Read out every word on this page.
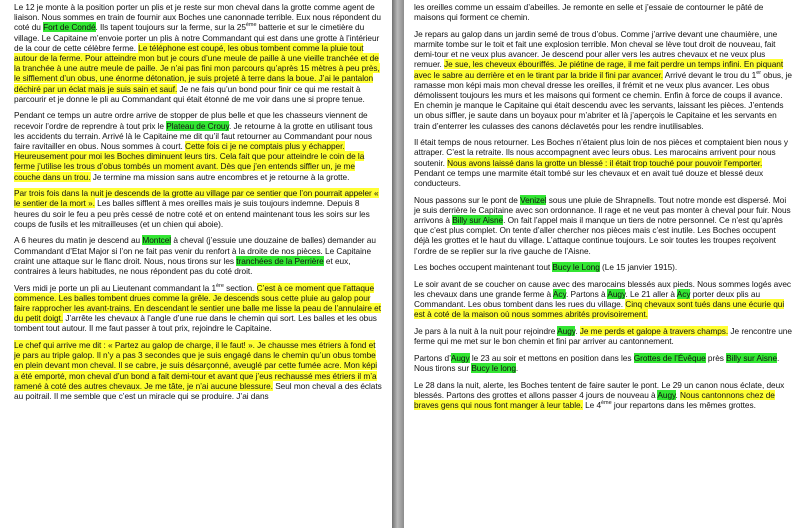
Le 12 je monte à la position porter un plis et je reste sur mon cheval dans la grotte comme agent de liaison. Nous sommes en train de fournir aux Boches une canonnade terrible. Eux nous répondent du coté du Fort de Condé. Ils tapent toujours sur la ferme, sur la 25ème batterie et sur le cimetière du village. Le Capitaine m’envoie porter un plis à notre Commandant qui est dans une grotte à l’intérieur de la cour de cette célèbre ferme. Le téléphone est coupé, les obus tombent comme la pluie tout autour de la ferme. Pour atteindre mon but je cours d’une meule de paille à une vieille tranchée et de la tranchée à une autre meule de paille. Je n’ai pas fini mon parcours qu’après 15 mètres à peu près, le sifflement d’un obus, une énorme détonation, je suis projeté à terre dans la boue. J’ai le pantalon déchiré par un éclat mais je suis sain et sauf. Je ne fais qu’un bond pour finir ce qui me restait à parcourir et je donne le pli au Commandant qui était étonné de me voir dans une si propre tenue.

Pendant ce temps un autre ordre arrive de stopper de plus belle et que les chasseurs viennent de recevoir l’ordre de reprendre à tout prix le Plateau de Crouy. Je retourne à la grotte en utilisant tous les accidents du terrain. Arrivé là le Capitaine me dit qu’il faut retourner au Commandant pour nous faire ravitailler en obus. Nous sommes à court. Cette fois ci je ne comptais plus y échapper. Heureusement pour moi les Boches diminuent leurs tirs. Cela fait que pour atteindre le coin de la ferme j’utilise les trous d’obus tombés un moment avant. Dès que j’en entends siffler un, je me couche dans un trou. Je termine ma mission sans autre encombres et je retourne à la grotte.

Par trois fois dans la nuit je descends de la grotte au village par ce sentier que l’on pourrait appeler « le sentier de la mort ». Les balles sifflent à mes oreilles mais je suis toujours indemne. Depuis 8 heures du soir le feu a peu près cessé de notre coté et on entend maintenant tous les soirs sur les coups de fusils et les mitrailleuses (et un chien qui aboie).

A 6 heures du matin je descend au Montcel à cheval (j’essuie une douzaine de balles) demander au Commandant d’Etat Major si l’on ne fait pas venir du renfort à la droite de nos pièces. Le Capitaine craint une attaque sur le flanc droit. Nous, nous tirons sur les tranchées de la Perrière et eux, contraires à leurs habitudes, ne nous répondent pas du coté droit.

Vers midi je porte un pli au Lieutenant commandant la 1ère section. C’est à ce moment que l’attaque commence. Les balles tombent drues comme la grêle. Je descends sous cette pluie au galop pour faire rapprocher les avant-trains. En descendant le sentier une balle me lisse la peau de l’annulaire et du petit doigt. J’arrête les chevaux à l’angle d’une rue dans le chemin qui sort. Les balles et les obus tombent tout autour. Il me faut passer à tout prix, rejoindre le Capitaine.

Le chef qui arrive me dit : « Partez au galop de charge, il le faut! ». Je chausse mes étriers à fond et je pars au triple galop. Il n’y a pas 3 secondes que je suis engagé dans le chemin qu’un obus tombe en plein devant mon cheval. Il se cabre, je suis désarçonné, aveuglé par cette fumée acre. Mon képi a été emporté, mon cheval d’un bond a fait demi-tour et avant que j’eus rechaussé mes étriers il m’a ramené à coté des autres chevaux. Je me tâte, je n’ai aucune blessure. Seul mon cheval a des éclats au poitrail. Il me semble que c’est un miracle qui se produire. J’ai dans

les oreilles comme un essaim d’abeilles. Je remonte en selle et j’essaie de contourner le pâté de maisons qui forment ce chemin.

Je repars au galop dans un jardin semé de trous d’obus. Comme j’arrive devant une chaumière, une marmite tombe sur le toit et fait une explosion terrible. Mon cheval se lève tout droit de nouveau, fait demi-tour et ne veux plus avancer. Je descend pour aller vers les autres chevaux et ne veux plus remuer. Je sue, les cheveux ébouriffés. Je piétine de rage, il me fait perdre un temps infini. En piquant avec le sabre au derrière et en le tirant par la bride il fini par avancer. Arrivé devant le trou du 1er obus, je ramasse mon képi mais mon cheval dresse les oreilles, il frémit et ne veux plus avancer. Les obus démolissent toujours les murs et les maisons qui forment ce chemin. Enfin à force de coups il avance. En chemin je manque le Capitaine qui était descendu avec les servants, laissant les pièces. J’entends un obus siffler, je saute dans un boyaux pour m’abriter et là j’aperçois le Capitaine et les servants en train d’enterrer les culasses des canons déclavetés pour les rendre inutilisables.

Il était temps de nous retourner. Les Boches n’étaient plus loin de nos pièces et comptaient bien nous y attraper. C’est la retraite. Ils nous accompagnent avec leurs obus. Les marocains arrivent pour nous soutenir. Nous avons laissé dans la grotte un blessé : il était trop touché pour pouvoir l’emporter. Pendant ce temps une marmite était tombé sur les chevaux et en avait tué douze et blessé deux conducteurs.

Nous passons sur le pont de Venizel sous une pluie de Shrapnells. Tout notre monde est dispersé. Moi je suis derrière le Capitaine avec son ordonnance. Il rage et ne veut pas monter à cheval pour fuir. Nous arrivons à Billy sur Aisne. On fait l’appel mais il manque un tiers de notre personnel. Ce n’est qu’après que c’est plus complet. On tente d’aller chercher nos pièces mais c’est inutile. Les Boches occupent déjà les grottes et le haut du village. L’attaque continue toujours. Le soir toutes les troupes reçoivent l’ordre de se replier sur la rive gauche de l’Aisne.

Les boches occupent maintenant tout Bucy le Long (Le 15 janvier 1915).

Le soir avant de se coucher on cause avec des marocains blessés aux pieds. Nous sommes logés avec les chevaux dans une grande ferme à Acy. Partons à Augy. Le 21 aller à Acy porter deux plis au Commandant. Les obus tombent dans les rues du village. Cinq chevaux sont tués dans une écurie qui est à coté de la maison où nous sommes abrités provisoirement.

Je pars à la nuit à la nuit pour rejoindre Augy. Je me perds et galope à travers champs. Je rencontre une ferme qui me met sur le bon chemin et fini par arriver au cantonnement.

Partons d’Augy le 23 au soir et mettons en position dans les Grottes de l’Évêque près Billy sur Aisne. Nous tirons sur Bucy le long.

Le 28 dans la nuit, alerte, les Boches tentent de faire sauter le pont. Le 29 un canon nous éclate, deux blessés. Partons des grottes et allons passer 4 jours de nouveau à Augy. Nous cantonnons chez de braves gens qui nous font manger à leur table. Le 4ème jour repartons dans les mêmes grottes.
